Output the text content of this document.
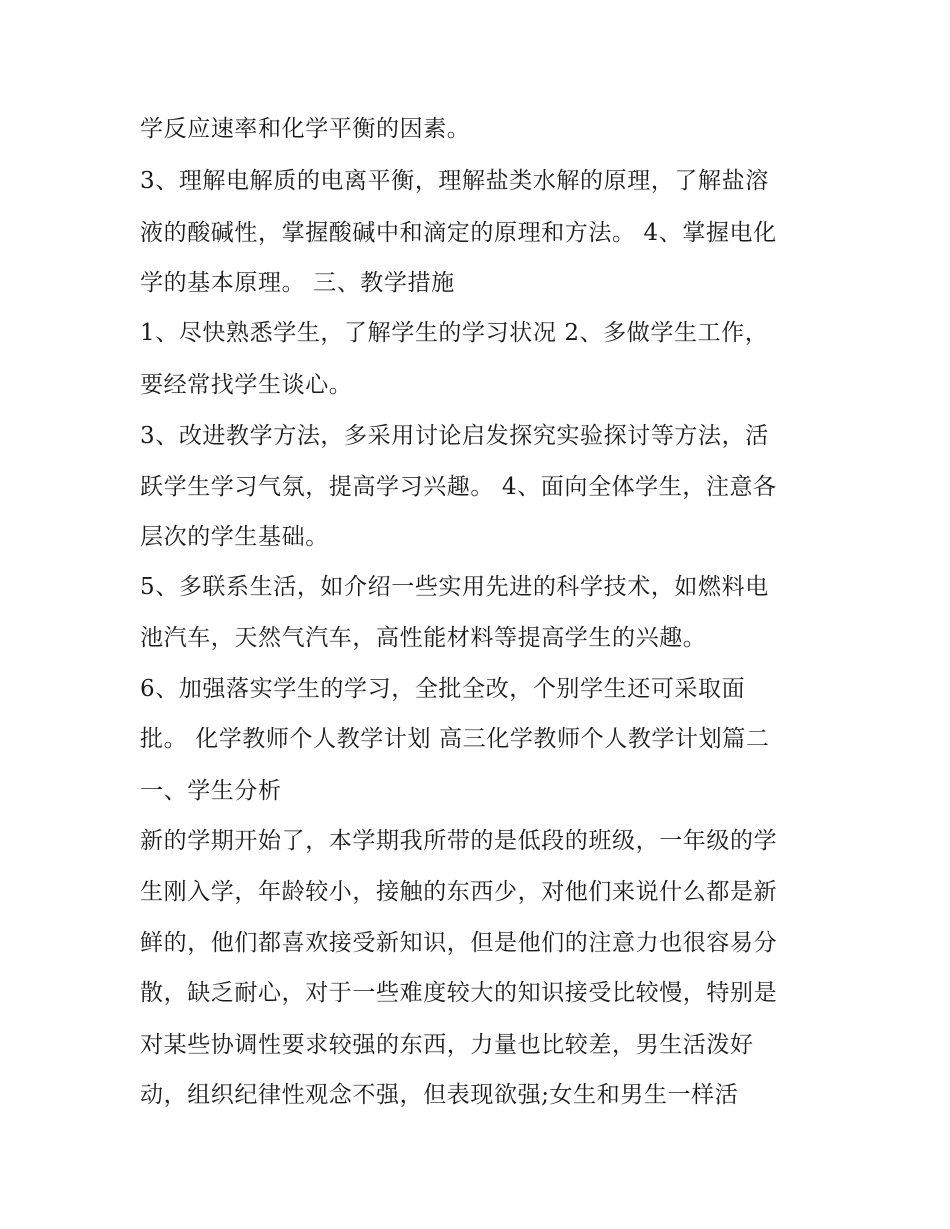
学反应速率和化学平衡的因素。
3、理解电解质的电离平衡，理解盐类水解的原理，了解盐溶
液的酸碱性，掌握酸碱中和滴定的原理和方法。 4、掌握电化
学的基本原理。 三、教学措施
1、尽快熟悉学生，了解学生的学习状况 2、多做学生工作，
要经常找学生谈心。
3、改进教学方法，多采用讨论启发探究实验探讨等方法，活
跃学生学习气氛，提高学习兴趣。 4、面向全体学生，注意各
层次的学生基础。
5、多联系生活，如介绍一些实用先进的科学技术，如燃料电
池汽车，天然气汽车，高性能材料等提高学生的兴趣。
6、加强落实学生的学习，全批全改，个别学生还可采取面
批。 化学教师个人教学计划 高三化学教师个人教学计划篇二
一、学生分析
新的学期开始了，本学期我所带的是低段的班级，一年级的学
生刚入学，年龄较小，接触的东西少，对他们来说什么都是新
鲜的，他们都喜欢接受新知识，但是他们的注意力也很容易分
散，缺乏耐心，对于一些难度较大的知识接受比较慢，特别是
对某些协调性要求较强的东西，力量也比较差，男生活泼好
动，组织纪律性观念不强，但表现欲强;女生和男生一样活
